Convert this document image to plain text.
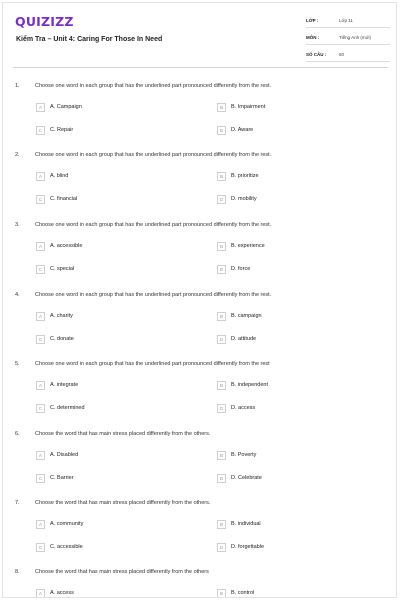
QUIZIZZ
Kiểm Tra – Unit 4: Caring For Those In Need
LỚP :	Lớp 11
MÔN :	Tiếng Anh (mới)
SỐ CÂU :	50
1.	Choose one word in each group that has the underlined part pronounced differently from the rest.
A	A. Campaign	B	B. Impairment
C	C. Repair	D	D. Aware
2.	Choose one word in each group that has the underlined part pronounced differently from the rest.
A	A. blind	B	B. prioritize
C	C. financial	D	D. mobility
3.	Choose one word in each group that has the underlined part pronounced differently from the rest.
A	A. accessible	B	B. experience
C	C. special	D	D. force
4.	Choose one word in each group that has the underlined part pronounced differently from the rest.
A	A. charity	B	B. campaign
C	C. donate	D	D. attitude
5.	Choose one word in each group that has the underlined part pronounced differently from the rest
A	A. integrate	B	B. independent
C	C. determined	D	D. access
6.	Choose the word that has main stress placed differently from the others.
A	A. Disabled	B	B. Poverty
C	C. Barrier	D	D. Celebrate
7.	Choose the word that has main stress placed differently from the others.
A	A. community	B	B. individual
C	C. accessible	D	D. forgettable
8.	Choose the word that has main stress placed differently from the others
A	A. access	B	B. control
